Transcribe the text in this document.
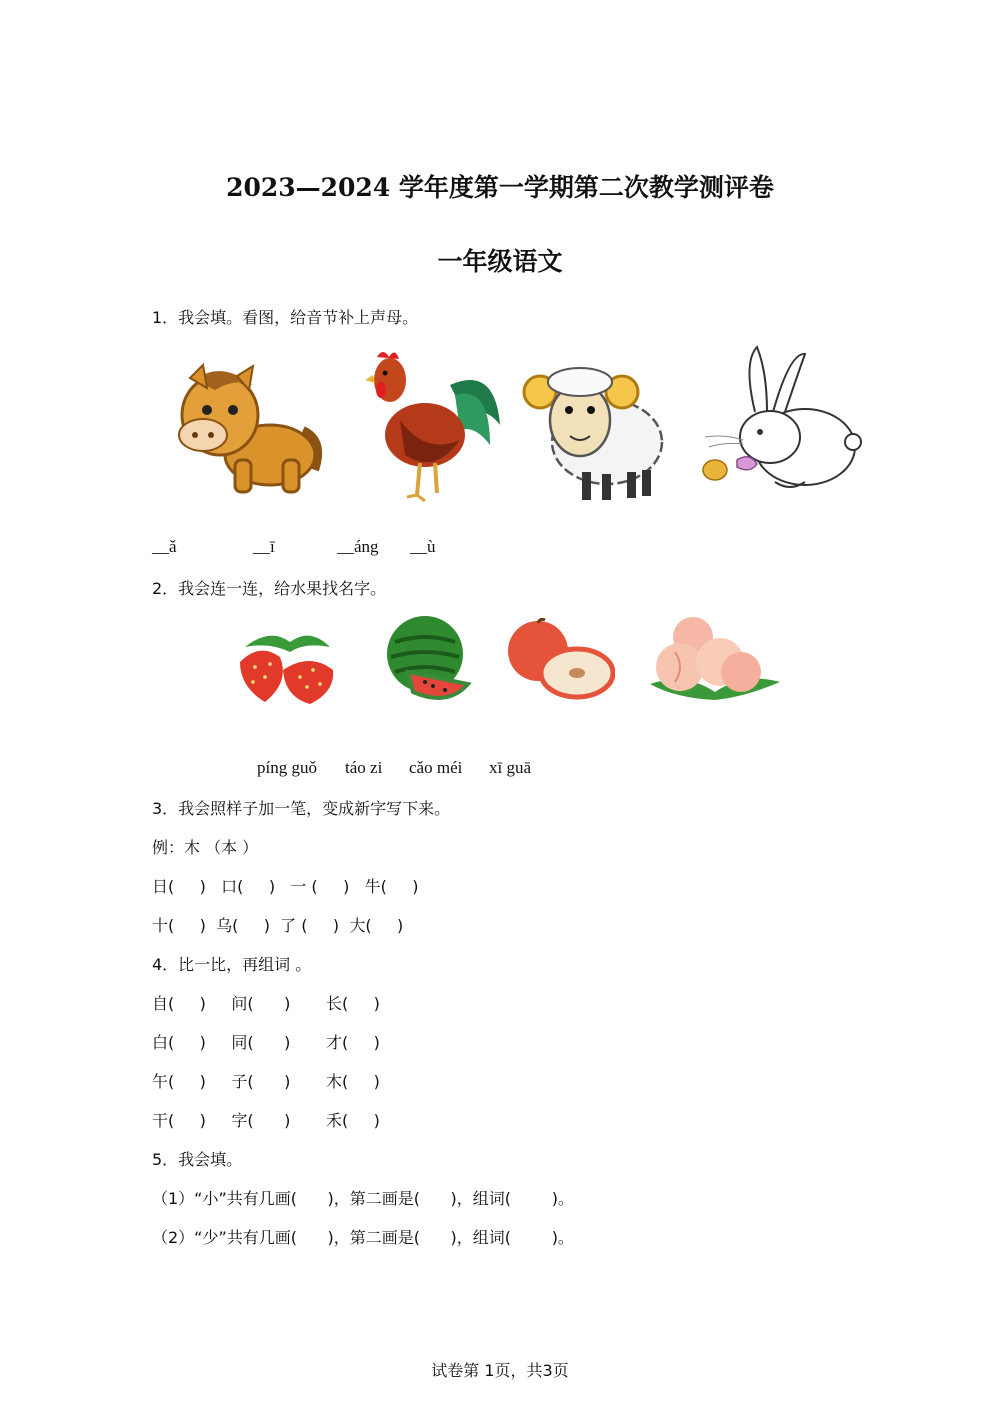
2023—2024 学年度第一学期第二次教学测评卷
一年级语文
1．我会填。看图，给音节补上声母。
__ǎ	__ī	__áng __ù
2．我会连一连，给水果找名字。
píng guǒ táo zi cǎo méi xī guā
3．我会照样子加一笔，变成新字写下来。
例：木 （本 ）
日(     )   口(     )   一 (     )   牛(     )
十(     )  乌(     )  了 (     )  大(     )
4．比一比，再组词 。
自(     )     问(      )       长(     )
白(     )     同(      )       才(     )
午(     )     子(      )       木(     )
干(     )     字(      )       禾(     )
5．我会填。
（1）“小”共有几画(      )，第二画是(      )，组词(        )。
（2）“少”共有几画(      )，第二画是(      )，组词(        )。
试卷第 1页，共3页
